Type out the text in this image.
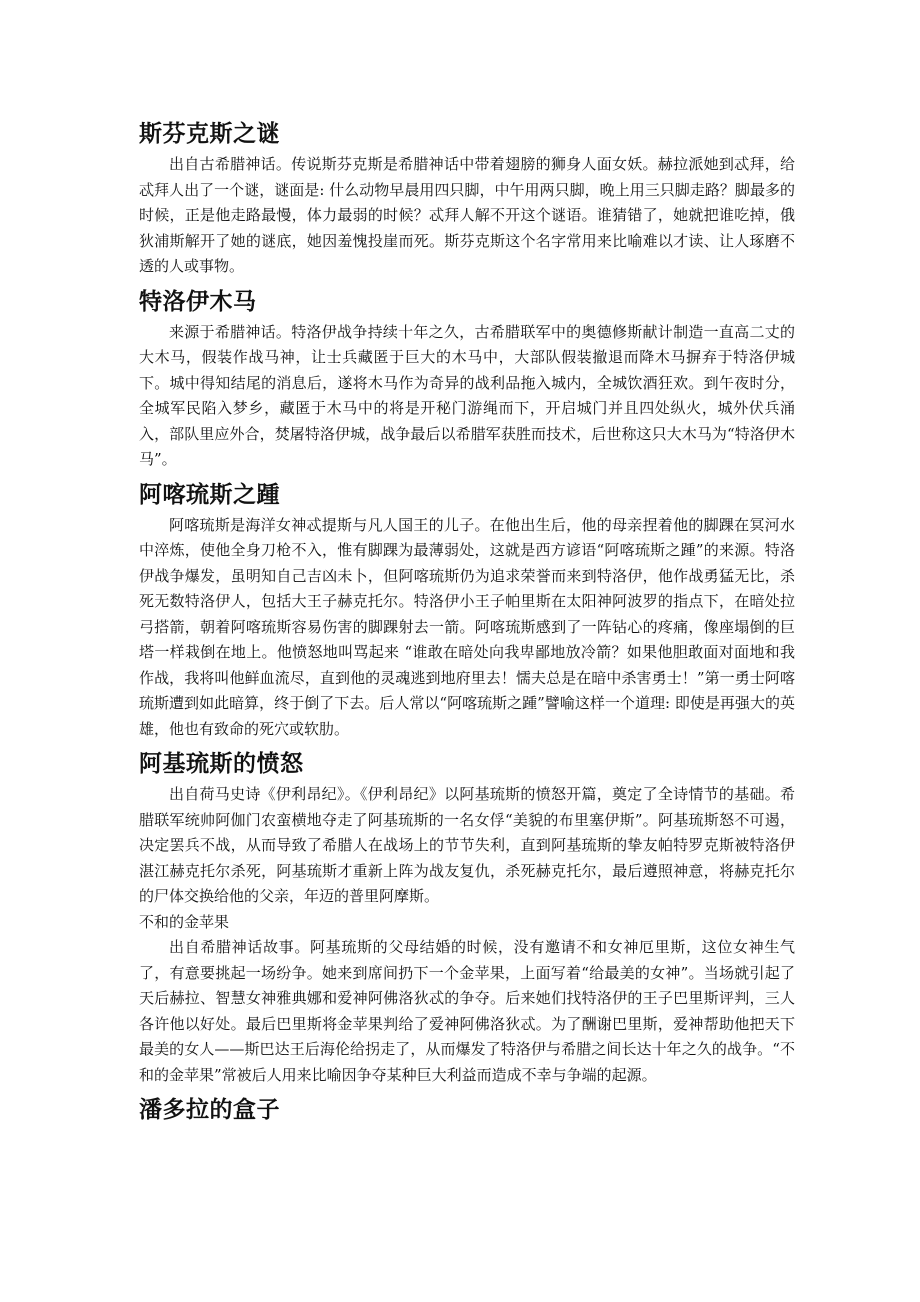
斯芬克斯之谜

出自古希腊神话。传说斯芬克斯是希腊神话中带着翅膀的狮身人面女妖。赫拉派她到忒拜，给忒拜人出了一个谜，谜面是: 什么动物早晨用四只脚，中午用两只脚，晚上用三只脚走路？脚最多的时候，正是他走路最慢，体力最弱的时候？忒拜人解不开这个谜语。谁猜错了，她就把谁吃掉，俄狄浦斯解开了她的谜底，她因羞愧投崖而死。斯芬克斯这个名字常用来比喻难以才读、让人琢磨不透的人或事物。

特洛伊木马

来源于希腊神话。特洛伊战争持续十年之久，古希腊联军中的奥德修斯献计制造一直高二丈的大木马，假装作战马神，让士兵藏匿于巨大的木马中，大部队假装撤退而降木马摒弃于特洛伊城下。城中得知结尾的消息后，遂将木马作为奇异的战利品拖入城内，全城饮酒狂欢。到午夜时分，全城军民陷入梦乡，藏匿于木马中的将是开秘门游绳而下，开启城门并且四处纵火，城外伏兵涌入，部队里应外合，焚屠特洛伊城，战争最后以希腊军获胜而技术，后世称这只大木马为“特洛伊木马”。

阿喀琉斯之踵

阿喀琉斯是海洋女神忒提斯与凡人国王的儿子。在他出生后，他的母亲捏着他的脚踝在冥河水中淬炼，使他全身刀枪不入，惟有脚踝为最薄弱处，这就是西方谚语“阿喀琉斯之踵”的来源。特洛伊战争爆发，虽明知自己吉凶未卜，但阿喀琉斯仍为追求荣誉而来到特洛伊，他作战勇猛无比，杀死无数特洛伊人，包括大王子赫克托尔。特洛伊小王子帕里斯在太阳神阿波罗的指点下，在暗处拉弓搭箭，朝着阿喀琉斯容易伤害的脚踝射去一箭。阿喀琉斯感到了一阵钻心的疼痛，像座塌倒的巨塔一样栽倒在地上。他愤怒地叫骂起来 “谁敢在暗处向我卑鄙地放冷箭？如果他胆敢面对面地和我作战，我将叫他鲜血流尽，直到他的灵魂逃到地府里去！懦夫总是在暗中杀害勇士！”第一勇士阿喀琉斯遭到如此暗算，终于倒了下去。后人常以“阿喀琉斯之踵”譬喻这样一个道理: 即使是再强大的英雄，他也有致命的死穴或软肋。

阿基琉斯的愤怒

出自荷马史诗《伊利昂纪》。《伊利昂纪》以阿基琉斯的愤怒开篇，奠定了全诗情节的基础。希腊联军统帅阿伽门农蛮横地夺走了阿基琉斯的一名女俘“美貌的布里塞伊斯”。阿基琉斯怒不可遏，决定罢兵不战，从而导致了希腊人在战场上的节节失利，直到阿基琉斯的挚友帕特罗克斯被特洛伊湛江赫克托尔杀死，阿基琉斯才重新上阵为战友复仇，杀死赫克托尔，最后遵照神意，将赫克托尔的尸体交换给他的父亲，年迈的普里阿摩斯。

不和的金苹果

出自希腊神话故事。阿基琉斯的父母结婚的时候，没有邀请不和女神厄里斯，这位女神生气了，有意要挑起一场纷争。她来到席间扔下一个金苹果，上面写着“给最美的女神”。当场就引起了天后赫拉、智慧女神雅典娜和爱神阿佛洛狄忒的争夺。后来她们找特洛伊的王子巴里斯评判，三人各许他以好处。最后巴里斯将金苹果判给了爱神阿佛洛狄忒。为了酬谢巴里斯，爱神帮助他把天下最美的女人——斯巴达王后海伦给拐走了，从而爆发了特洛伊与希腊之间长达十年之久的战争。“不和的金苹果”常被后人用来比喻因争夺某种巨大利益而造成不幸与争端的起源。

潘多拉的盒子
